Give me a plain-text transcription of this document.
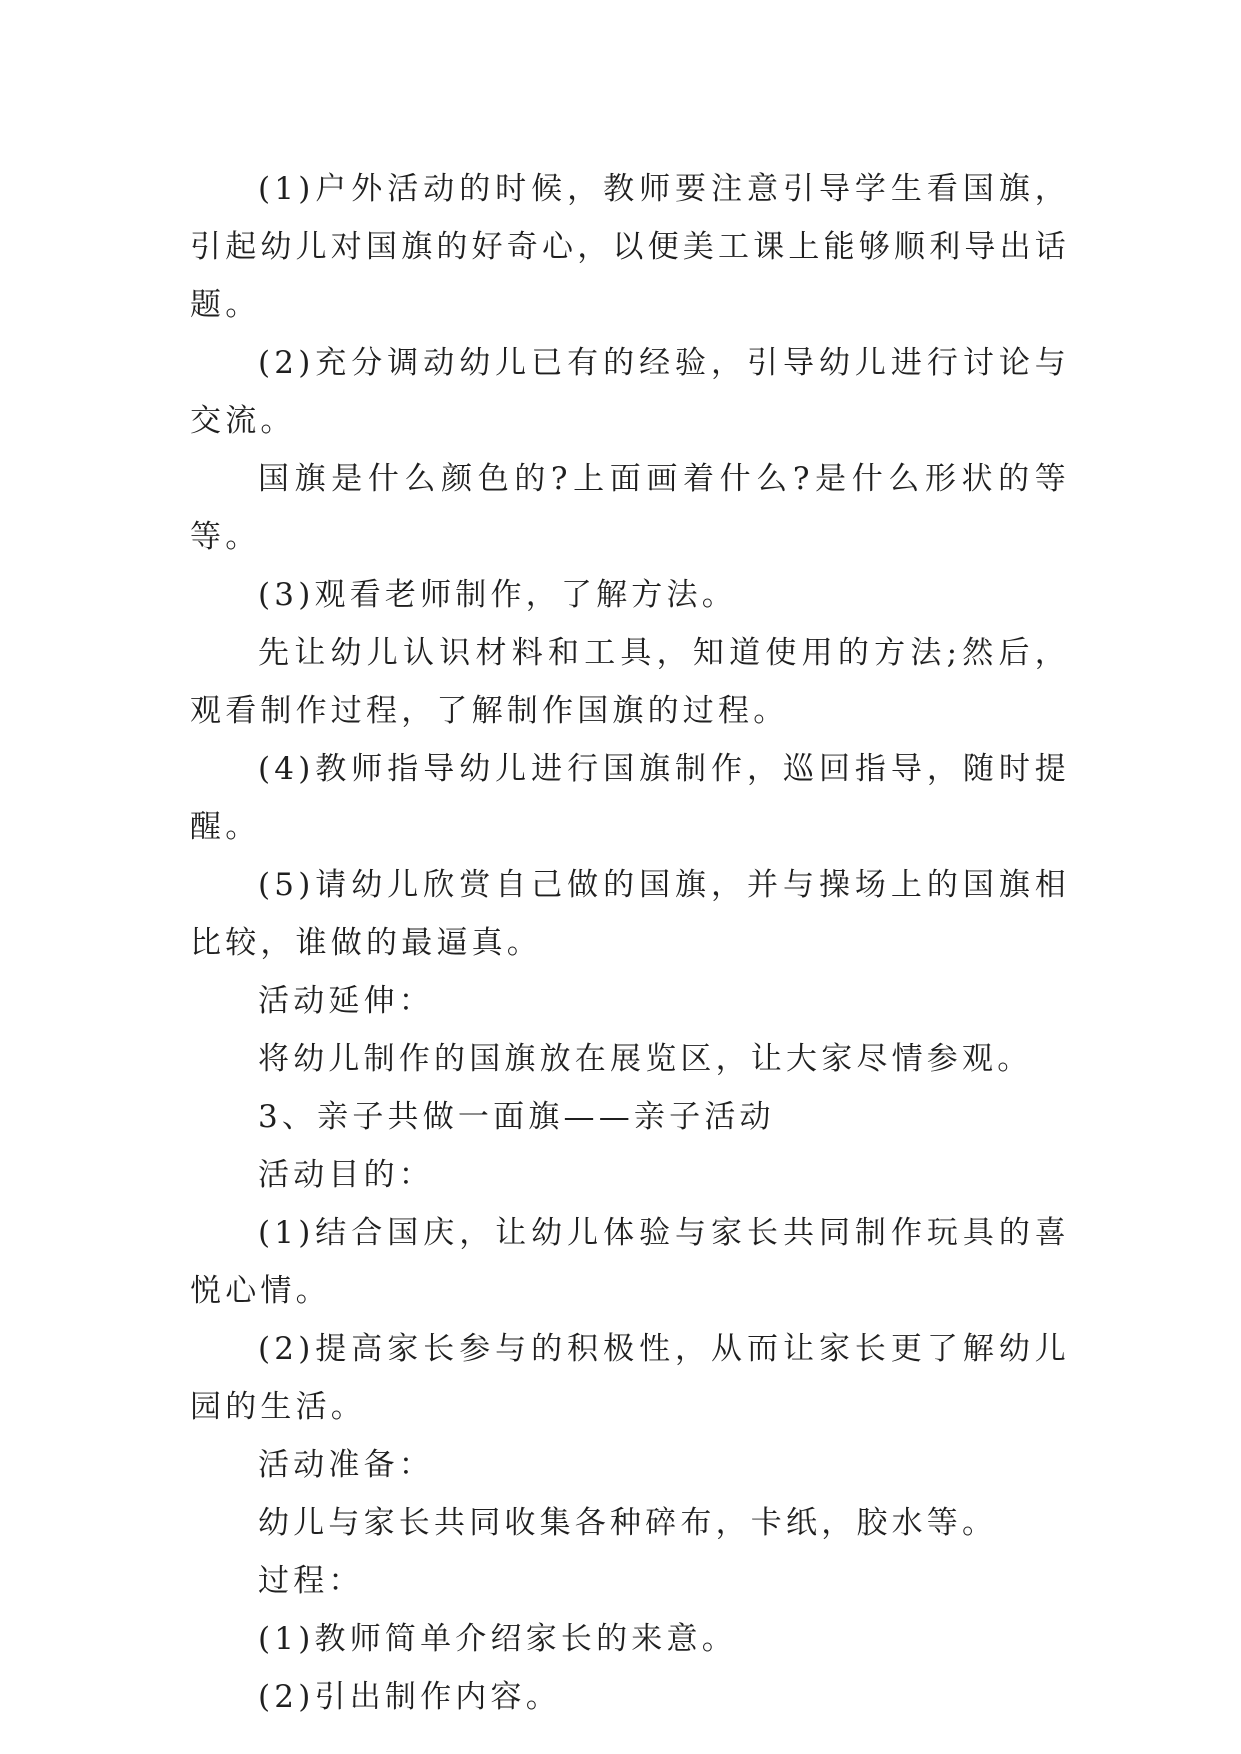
(1)户外活动的时候，教师要注意引导学生看国旗，引起幼儿对国旗的好奇心，以便美工课上能够顺利导出话题。

(2)充分调动幼儿已有的经验，引导幼儿进行讨论与交流。

国旗是什么颜色的?上面画着什么?是什么形状的等等。

(3)观看老师制作，了解方法。

先让幼儿认识材料和工具，知道使用的方法;然后，观看制作过程，了解制作国旗的过程。

(4)教师指导幼儿进行国旗制作，巡回指导，随时提醒。

(5)请幼儿欣赏自己做的国旗，并与操场上的国旗相比较，谁做的最逼真。

活动延伸：

将幼儿制作的国旗放在展览区，让大家尽情参观。

3、亲子共做一面旗——亲子活动

活动目的：

(1)结合国庆，让幼儿体验与家长共同制作玩具的喜悦心情。

(2)提高家长参与的积极性，从而让家长更了解幼儿园的生活。

活动准备：

幼儿与家长共同收集各种碎布，卡纸，胶水等。

过程：

(1)教师简单介绍家长的来意。

(2)引出制作内容。
